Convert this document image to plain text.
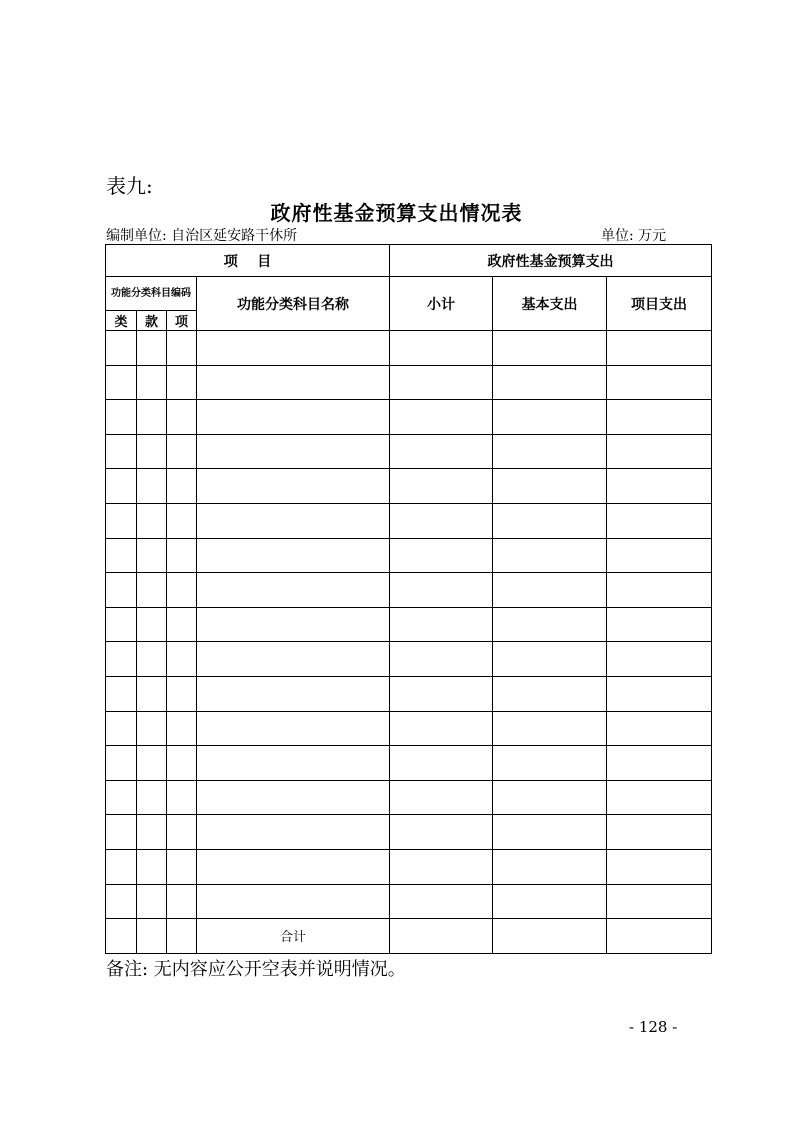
表九:
政府性基金预算支出情况表
编制单位: 自治区延安路干休所	单位: 万元
项    目				政府性基金预算支出		
功能分类科目编码			功能分类科目名称	小计	基本支出	项目支出
类	款	项				

			合计			
备注: 无内容应公开空表并说明情况。
- 128 -
